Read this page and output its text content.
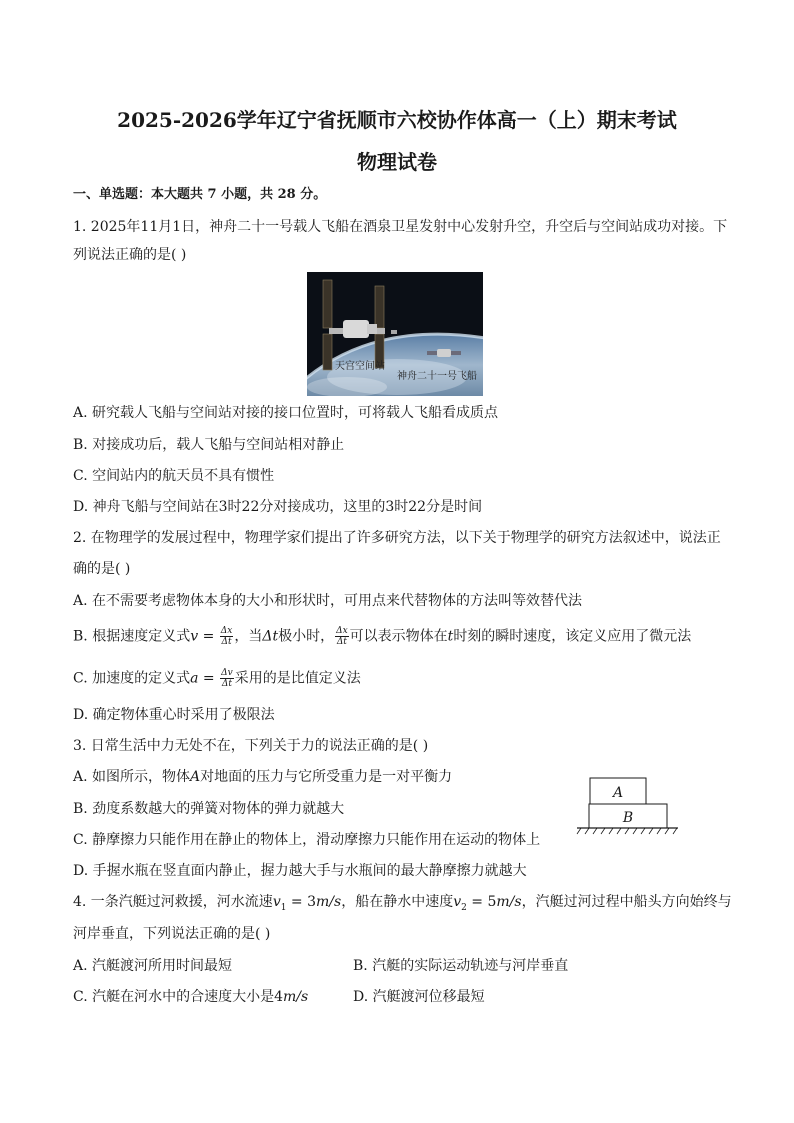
2025-2026学年辽宁省抚顺市六校协作体高一（上）期末考试
物理试卷
一、单选题：本大题共 7 小题，共 28 分。
1. 2025年11月1日，神舟二十一号载人飞船在酒泉卫星发射中心发射升空，升空后与空间站成功对接。下
列说法正确的是( )
天宫空间站
神舟二十一号飞船
A. 研究载人飞船与空间站对接的接口位置时，可将载人飞船看成质点
B. 对接成功后，载人飞船与空间站相对静止
C. 空间站内的航天员不具有惯性
D. 神舟飞船与空间站在3时22分对接成功，这里的3时22分是时间
2. 在物理学的发展过程中，物理学家们提出了许多研究方法，以下关于物理学的研究方法叙述中，说法正
确的是( )
A. 在不需要考虑物体本身的大小和形状时，可用点来代替物体的方法叫等效替代法
B. 根据速度定义式$v = \frac{\Delta x}{\Delta t}$ ，当Δt极小时， $\frac{\Delta x}{\Delta t}$ 可以表示物体在t时刻的瞬时速度，该定义应用了微元法
C. 加速度的定义式$a = \frac{\Delta v}{\Delta t}$ 采用的是比值定义法
D. 确定物体重心时采用了极限法
3. 日常生活中力无处不在，下列关于力的说法正确的是( )
A. 如图所示，物体A对地面的压力与它所受重力是一对平衡力
B. 劲度系数越大的弹簧对物体的弹力就越大
C. 静摩擦力只能作用在静止的物体上，滑动摩擦力只能作用在运动的物体上
D. 手握水瓶在竖直面内静止，握力越大手与水瓶间的最大静摩擦力就越大
A
B
4. 一条汽艇过河救援，河水流速$v_1 = 3m/s$，船在静水中速度$v_2 = 5m/s$，汽艇过河过程中船头方向始终与
河岸垂直，下列说法正确的是( )
A. 汽艇渡河所用时间最短	B. 汽艇的实际运动轨迹与河岸垂直
C. 汽艇在河水中的合速度大小是4m/s	D. 汽艇渡河位移最短
